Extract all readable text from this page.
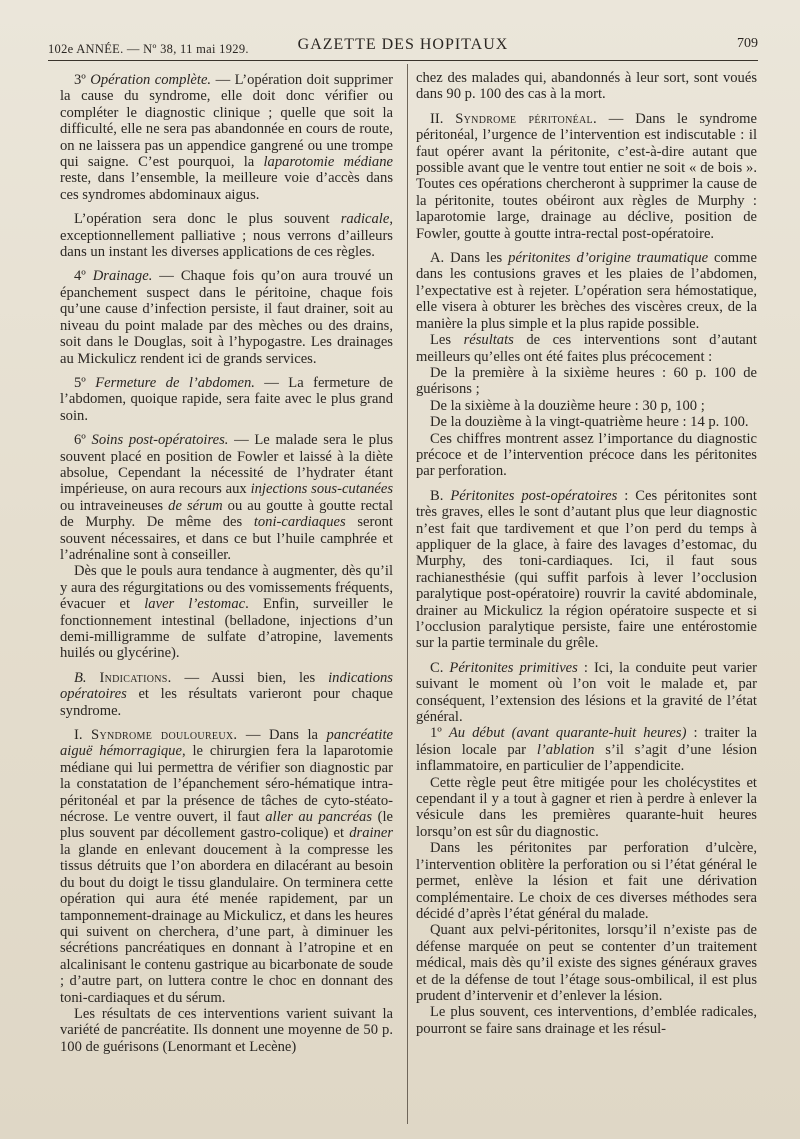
102e ANNÉE. — Nº 38, 11 mai 1929.	GAZETTE DES HOPITAUX	709

3º Opération complète. — L’opération doit supprimer la cause du syndrome, elle doit donc vérifier ou compléter le diagnostic clinique ; quelle que soit la difficulté, elle ne sera pas abandonnée en cours de route, on ne laissera pas un appendice gangrené ou une trompe qui saigne. C’est pourquoi, la laparotomie médiane reste, dans l’ensemble, la meilleure voie d’accès dans ces syndromes abdominaux aigus.

L’opération sera donc le plus souvent radicale, exceptionnellement palliative ; nous verrons d’ailleurs dans un instant les diverses applications de ces règles.

4º Drainage. — Chaque fois qu’on aura trouvé un épanchement suspect dans le péritoine, chaque fois qu’une cause d’infection persiste, il faut drainer, soit au niveau du point malade par des mèches ou des drains, soit dans le Douglas, soit à l’hypogastre. Les drainages au Mickulicz rendent ici de grands services.

5º Fermeture de l’abdomen. — La fermeture de l’abdomen, quoique rapide, sera faite avec le plus grand soin.

6º Soins post-opératoires. — Le malade sera le plus souvent placé en position de Fowler et laissé à la diète absolue, Cependant la nécessité de l’hydrater étant impérieuse, on aura recours aux injections sous-cutanées ou intraveineuses de sérum ou au goutte à goutte rectal de Murphy. De même des toni-cardiaques seront souvent nécessaires, et dans ce but l’huile camphrée et l’adrénaline sont à conseiller.

Dès que le pouls aura tendance à augmenter, dès qu’il y aura des régurgitations ou des vomissements fréquents, évacuer et laver l’estomac. Enfin, surveiller le fonctionnement intestinal (belladone, injections d’un demi-milligramme de sulfate d’atropine, lavements huilés ou glycérine).

B. Indications. — Aussi bien, les indications opératoires et les résultats varieront pour chaque syndrome.

I. Syndrome douloureux. — Dans la pancréatite aiguë hémorragique, le chirurgien fera la laparotomie médiane qui lui permettra de vérifier son diagnostic par la constatation de l’épanchement séro-hématique intra-péritonéal et par la présence de tâches de cyto-stéato-nécrose. Le ventre ouvert, il faut aller au pancréas (le plus souvent par décollement gastro-colique) et drainer la glande en enlevant doucement à la compresse les tissus détruits que l’on abordera en dilacérant au besoin du bout du doigt le tissu glandulaire. On terminera cette opération qui aura été menée rapidement, par un tamponnement-drainage au Mickulicz, et dans les heures qui suivent on cherchera, d’une part, à diminuer les sécrétions pancréatiques en donnant à l’atropine et en alcalinisant le contenu gastrique au bicarbonate de soude ; d’autre part, on luttera contre le choc en donnant des toni-cardiaques et du sérum.

Les résultats de ces interventions varient suivant la variété de pancréatite. Ils donnent une moyenne de 50 p. 100 de guérisons (Lenormant et Lecène)

chez des malades qui, abandonnés à leur sort, sont voués dans 90 p. 100 des cas à la mort.

II. Syndrome péritonéal. — Dans le syndrome péritonéal, l’urgence de l’intervention est indiscutable : il faut opérer avant la péritonite, c’est-à-dire autant que possible avant que le ventre tout entier ne soit « de bois ». Toutes ces opérations chercheront à supprimer la cause de la péritonite, toutes obéiront aux règles de Murphy : laparotomie large, drainage au déclive, position de Fowler, goutte à goutte intra-rectal post-opératoire.

A. Dans les péritonites d’origine traumatique comme dans les contusions graves et les plaies de l’abdomen, l’expectative est à rejeter. L’opération sera hémostatique, elle visera à obturer les brèches des viscères creux, de la manière la plus simple et la plus rapide possible.

Les résultats de ces interventions sont d’autant meilleurs qu’elles ont été faites plus précocement :

De la première à la sixième heures : 60 p. 100 de guérisons ;

De la sixième à la douzième heure : 30 p, 100 ;

De la douzième à la vingt-quatrième heure : 14 p. 100.

Ces chiffres montrent assez l’importance du diagnostic précoce et de l’intervention précoce dans les péritonites par perforation.

B. Péritonites post-opératoires : Ces péritonites sont très graves, elles le sont d’autant plus que leur diagnostic n’est fait que tardivement et que l’on perd du temps à appliquer de la glace, à faire des lavages d’estomac, du Murphy, des toni-cardiaques. Ici, il faut sous rachianesthésie (qui suffit parfois à lever l’occlusion paralytique post-opératoire) rouvrir la cavité abdominale, drainer au Mickulicz la région opératoire suspecte et si l’occlusion paralytique persiste, faire une entérostomie sur la partie terminale du grêle.

C. Péritonites primitives : Ici, la conduite peut varier suivant le moment où l’on voit le malade et, par conséquent, l’extension des lésions et la gravité de l’état général.

1º Au début (avant quarante-huit heures) : traiter la lésion locale par l’ablation s’il s’agit d’une lésion inflammatoire, en particulier de l’appendicite.

Cette règle peut être mitigée pour les cholécystites et cependant il y a tout à gagner et rien à perdre à enlever la vésicule dans les premières quarante-huit heures lorsqu’on est sûr du diagnostic.

Dans les péritonites par perforation d’ulcère, l’intervention oblitère la perforation ou si l’état général le permet, enlève la lésion et fait une dérivation complémentaire. Le choix de ces diverses méthodes sera décidé d’après l’état général du malade.

Quant aux pelvi-péritonites, lorsqu’il n’existe pas de défense marquée on peut se contenter d’un traitement médical, mais dès qu’il existe des signes généraux graves et de la défense de tout l’étage sous-ombilical, il est plus prudent d’intervenir et d’enlever la lésion.

Le plus souvent, ces interventions, d’emblée radicales, pourront se faire sans drainage et les résul-
